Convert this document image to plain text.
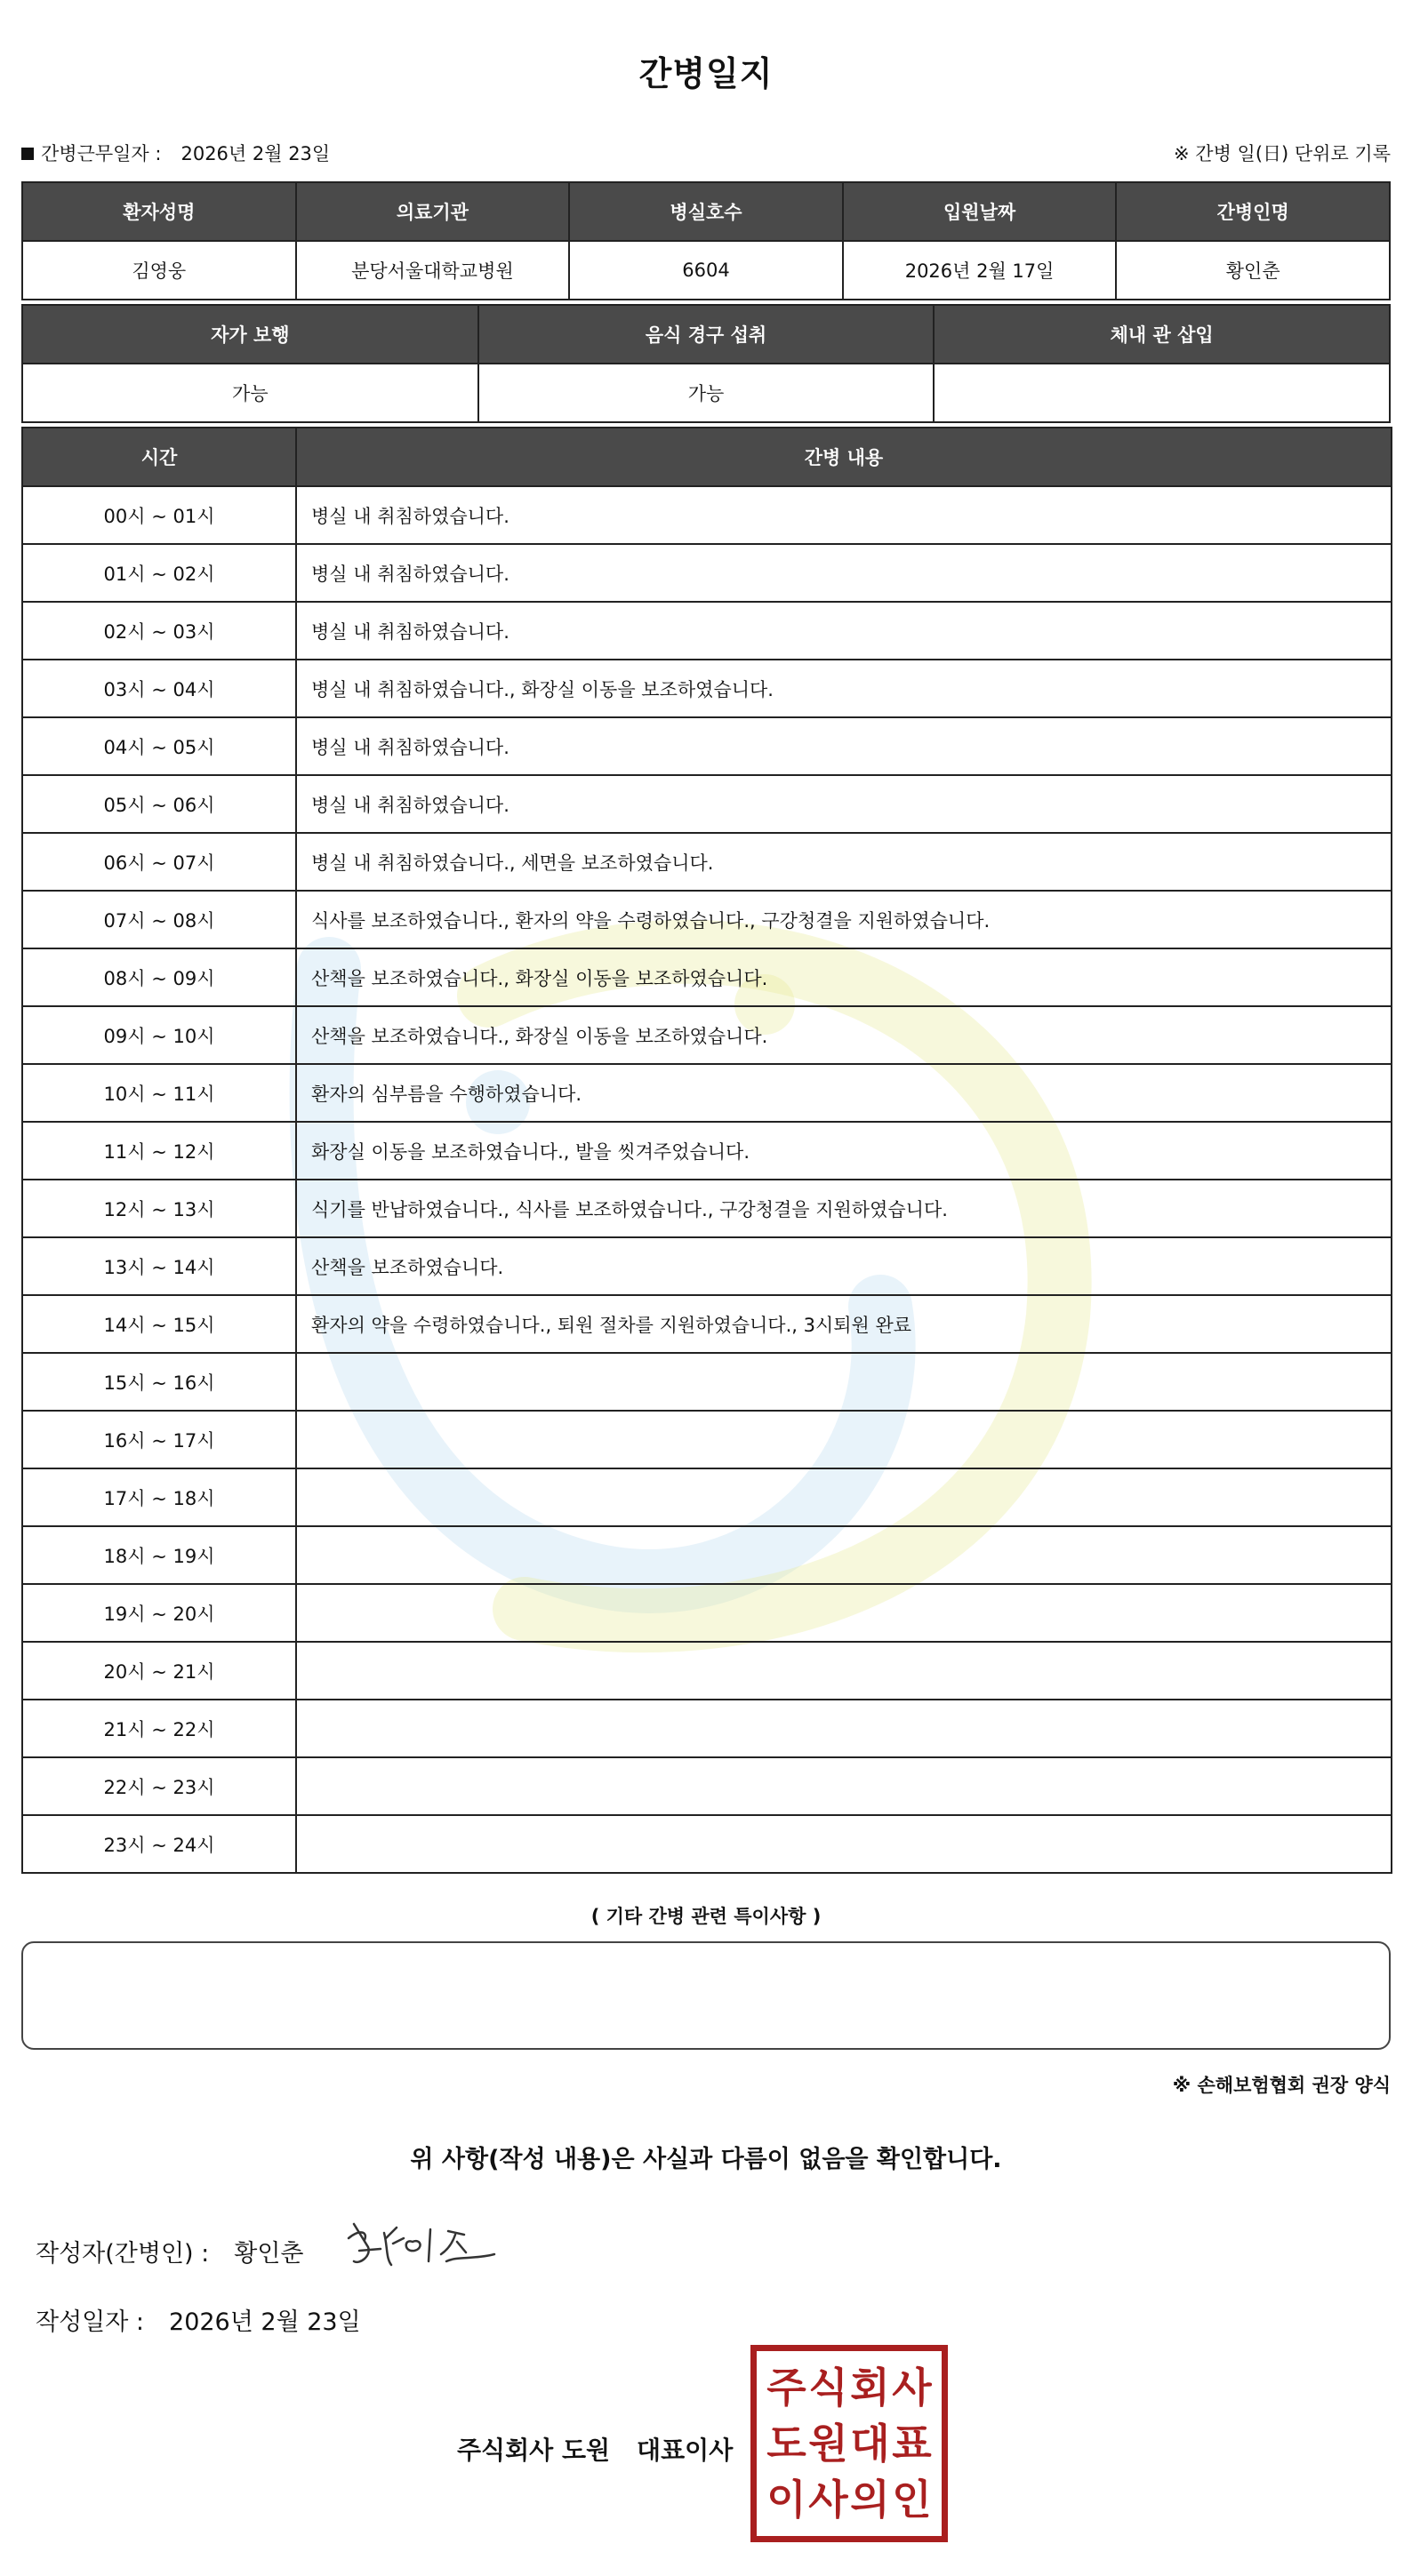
간병일지
간병근무일자 : 2026년 2월 23일	※ 간병 일(日) 단위로 기록
환자성명	의료기관	병실호수	입원날짜	간병인명
김영웅	분당서울대학교병원	6604	2026년 2월 17일	황인춘
자가 보행	음식 경구 섭취	체내 관 삽입
가능	가능	
시간	간병 내용
00시 ~ 01시	병실 내 취침하였습니다.
01시 ~ 02시	병실 내 취침하였습니다.
02시 ~ 03시	병실 내 취침하였습니다.
03시 ~ 04시	병실 내 취침하였습니다., 화장실 이동을 보조하였습니다.
04시 ~ 05시	병실 내 취침하였습니다.
05시 ~ 06시	병실 내 취침하였습니다.
06시 ~ 07시	병실 내 취침하였습니다., 세면을 보조하였습니다.
07시 ~ 08시	식사를 보조하였습니다., 환자의 약을 수령하였습니다., 구강청결을 지원하였습니다.
08시 ~ 09시	산책을 보조하였습니다., 화장실 이동을 보조하였습니다.
09시 ~ 10시	산책을 보조하였습니다., 화장실 이동을 보조하였습니다.
10시 ~ 11시	환자의 심부름을 수행하였습니다.
11시 ~ 12시	화장실 이동을 보조하였습니다., 발을 씻겨주었습니다.
12시 ~ 13시	식기를 반납하였습니다., 식사를 보조하였습니다., 구강청결을 지원하였습니다.
13시 ~ 14시	산책을 보조하였습니다.
14시 ~ 15시	환자의 약을 수령하였습니다., 퇴원 절차를 지원하였습니다., 3시퇴원 완료
15시 ~ 16시	
16시 ~ 17시	
17시 ~ 18시	
18시 ~ 19시	
19시 ~ 20시	
20시 ~ 21시	
21시 ~ 22시	
22시 ~ 23시	
23시 ~ 24시	
( 기타 간병 관련 특이사항 )
※ 손해보험협회 권장 양식
위 사항(작성 내용)은 사실과 다름이 없음을 확인합니다.
작성자(간병인) : 황인춘
작성일자 : 2026년 2월 23일
주식회사 도원 대표이사
주 식 회 사
도 원 대 표
이 사 의 인
